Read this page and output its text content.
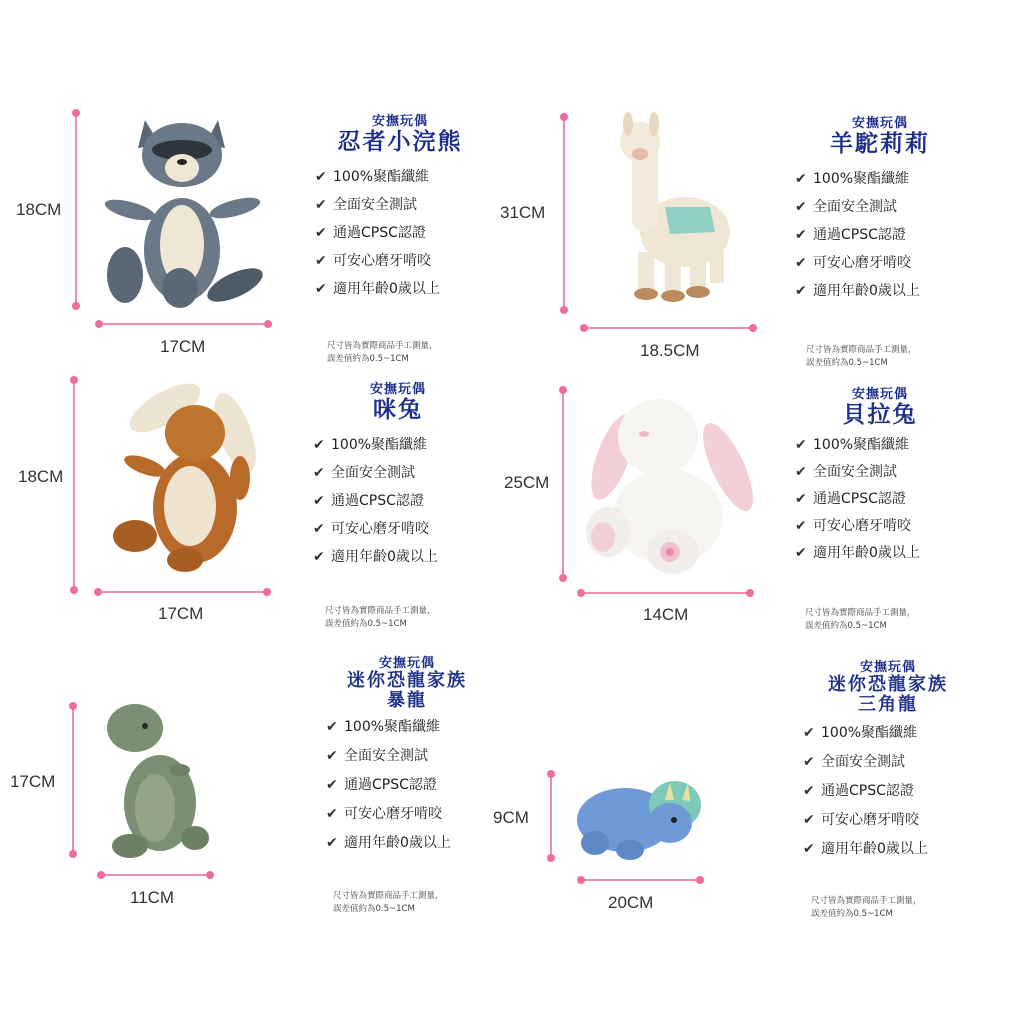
18CM
17CM
安撫玩偶
忍者小浣熊
✔ 100%聚酯纖維
✔ 全面安全測試
✔ 通過CPSC認證
✔ 可安心磨牙啃咬
✔ 適用年齡0歲以上
尺寸皆為實際商品手工測量，
誤差值約為0.5~1CM
31CM
18.5CM
安撫玩偶
羊駝莉莉
✔ 100%聚酯纖維
✔ 全面安全測試
✔ 通過CPSC認證
✔ 可安心磨牙啃咬
✔ 適用年齡0歲以上
尺寸皆為實際商品手工測量，
誤差值約為0.5~1CM
18CM
17CM
安撫玩偶
咪兔
✔ 100%聚酯纖維
✔ 全面安全測試
✔ 通過CPSC認證
✔ 可安心磨牙啃咬
✔ 適用年齡0歲以上
尺寸皆為實際商品手工測量，
誤差值約為0.5~1CM
25CM
14CM
安撫玩偶
貝拉兔
✔ 100%聚酯纖維
✔ 全面安全測試
✔ 通過CPSC認證
✔ 可安心磨牙啃咬
✔ 適用年齡0歲以上
尺寸皆為實際商品手工測量，
誤差值約為0.5~1CM
17CM
11CM
安撫玩偶
迷你恐龍家族
暴龍
✔ 100%聚酯纖維
✔ 全面安全測試
✔ 通過CPSC認證
✔ 可安心磨牙啃咬
✔ 適用年齡0歲以上
尺寸皆為實際商品手工測量，
誤差值約為0.5~1CM
9CM
20CM
安撫玩偶
迷你恐龍家族
三角龍
✔ 100%聚酯纖維
✔ 全面安全測試
✔ 通過CPSC認證
✔ 可安心磨牙啃咬
✔ 適用年齡0歲以上
尺寸皆為實際商品手工測量，
誤差值約為0.5~1CM
